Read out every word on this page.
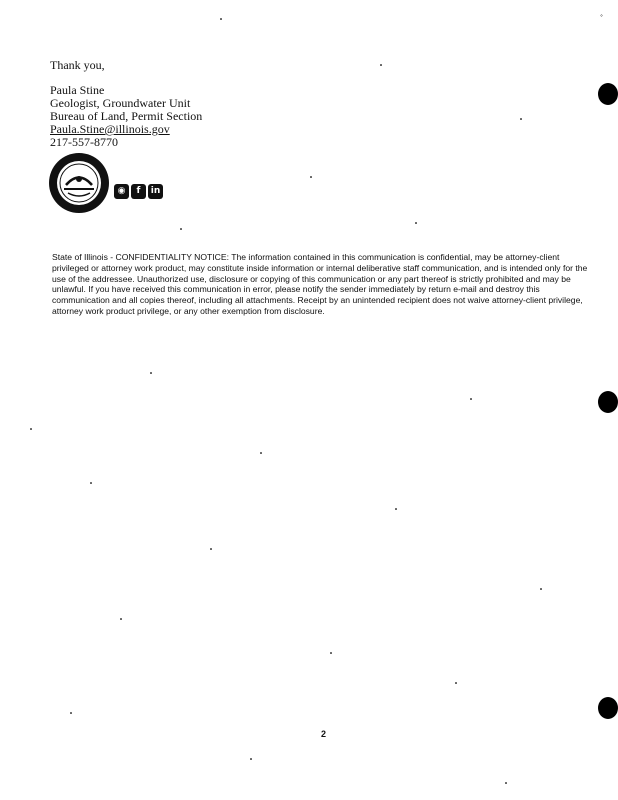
°
Thank you,
Paula Stine
Geologist, Groundwater Unit
Bureau of Land, Permit Section
Paula.Stine@illinois.gov
217-557-8770
◉	f	in
State of Illinois - CONFIDENTIALITY NOTICE: The information contained in this communication is confidential, may be attorney-client privileged or attorney work product, may constitute inside information or internal deliberative staff communication, and is intended only for the use of the addressee. Unauthorized use, disclosure or copying of this communication or any part thereof is strictly prohibited and may be unlawful. If you have received this communication in error, please notify the sender immediately by return e-mail and destroy this communication and all copies thereof, including all attachments. Receipt by an unintended recipient does not waive attorney-client privilege, attorney work product privilege, or any other exemption from disclosure.
2
